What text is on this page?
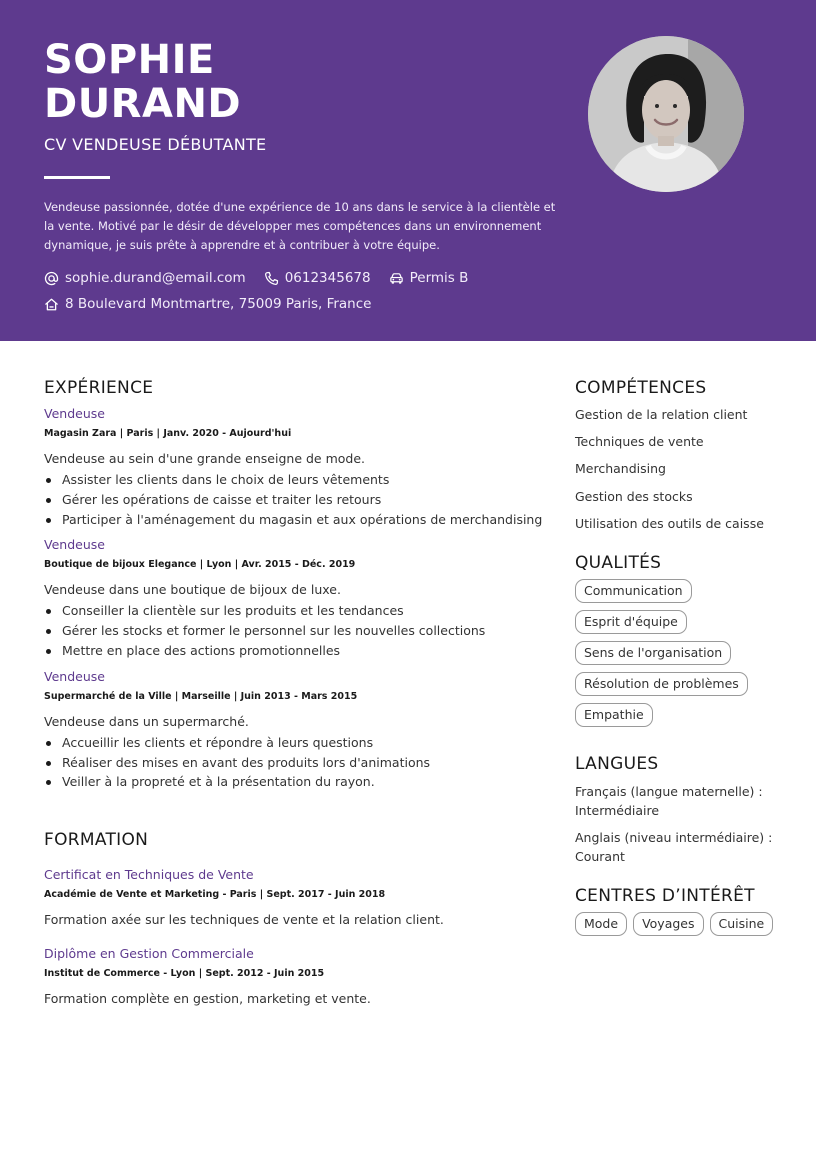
SOPHIE
DURAND
CV VENDEUSE DÉBUTANTE

Vendeuse passionnée, dotée d'une expérience de 10 ans dans le service à la clientèle et la vente. Motivé par le désir de développer mes compétences dans un environnement dynamique, je suis prête à apprendre et à contribuer à votre équipe.

sophie.durand@email.com	0612345678	Permis B
8 Boulevard Montmartre, 75009 Paris, France
EXPÉRIENCE
Vendeuse
Magasin Zara | Paris | Janv. 2020 - Aujourd'hui
Vendeuse au sein d'une grande enseigne de mode.
Assister les clients dans le choix de leurs vêtements
Gérer les opérations de caisse et traiter les retours
Participer à l'aménagement du magasin et aux opérations de merchandising
Vendeuse
Boutique de bijoux Elegance | Lyon | Avr. 2015 - Déc. 2019
Vendeuse dans une boutique de bijoux de luxe.
Conseiller la clientèle sur les produits et les tendances
Gérer les stocks et former le personnel sur les nouvelles collections
Mettre en place des actions promotionnelles
Vendeuse
Supermarché de la Ville | Marseille | Juin 2013 - Mars 2015
Vendeuse dans un supermarché.
Accueillir les clients et répondre à leurs questions
Réaliser des mises en avant des produits lors d'animations
Veiller à la propreté et à la présentation du rayon.
FORMATION
Certificat en Techniques de Vente
Académie de Vente et Marketing - Paris | Sept. 2017 - Juin 2018
Formation axée sur les techniques de vente et la relation client.
Diplôme en Gestion Commerciale
Institut de Commerce - Lyon | Sept. 2012 - Juin 2015
Formation complète en gestion, marketing et vente.
COMPÉTENCES
Gestion de la relation client
Techniques de vente
Merchandising
Gestion des stocks
Utilisation des outils de caisse
QUALITÉS
Communication
Esprit d'équipe
Sens de l'organisation
Résolution de problèmes
Empathie
LANGUES
Français (langue maternelle) : Intermédiaire
Anglais (niveau intermédiaire) : Courant
CENTRES D’INTÉRÊT
Mode	Voyages	Cuisine
